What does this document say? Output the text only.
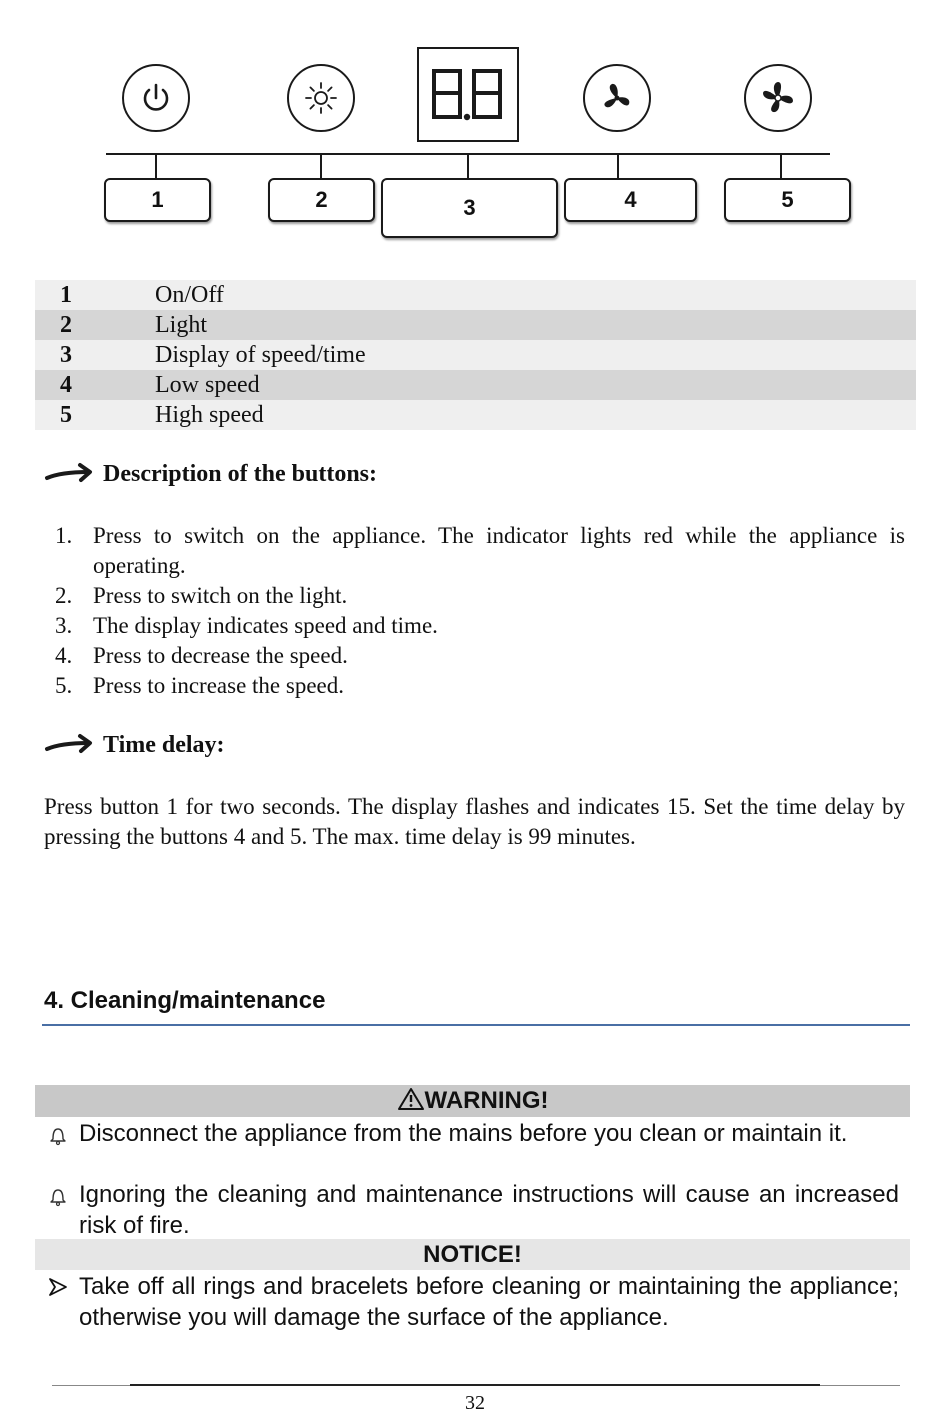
1	2	3	4	5
1	On/Off
2	Light
3	Display of speed/time
4	Low speed
5	High speed
Description of the buttons:
1. Press to switch on the appliance. The indicator lights red while the appliance is operating.
2. Press to switch on the light.
3. The display indicates speed and time.
4. Press to decrease the speed.
5. Press to increase the speed.
Time delay:
Press button 1 for two seconds. The display flashes and indicates 15. Set the time delay by pressing the buttons 4 and 5. The max. time delay is 99 minutes.
4. Cleaning/maintenance
WARNING!
Disconnect the appliance from the mains before you clean or maintain it.
Ignoring the cleaning and maintenance instructions will cause an increased risk of fire.
NOTICE!
Take off all rings and bracelets before cleaning or maintaining the appliance; otherwise you will damage the surface of the appliance.
32
